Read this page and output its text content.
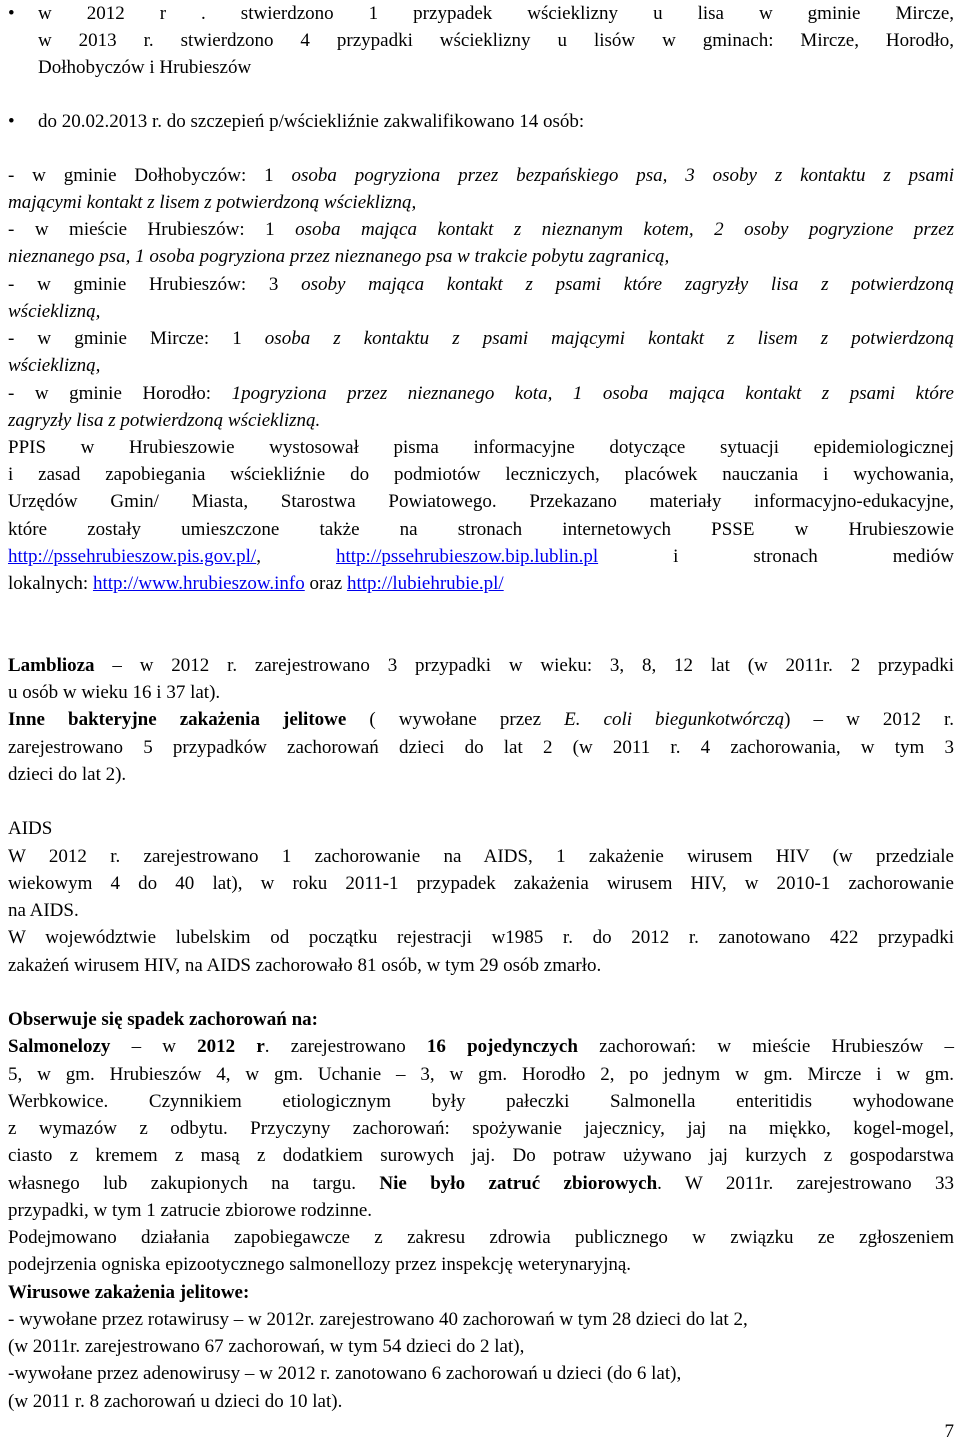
• w 2012 r . stwierdzono 1 przypadek wścieklizny u lisa w gminie Mircze,
w 2013 r. stwierdzono 4 przypadki wścieklizny u lisów w gminach: Mircze, Horodło,
Dołhobyczów i Hrubieszów
• do 20.02.2013 r. do szczepień p/wściekliźnie zakwalifikowano 14 osób:
- w gminie Dołhobyczów: 1 osoba pogryziona przez bezpańskiego psa, 3 osoby z kontaktu z psami
mającymi kontakt z lisem z potwierdzoną wścieklizną,
- w mieście Hrubieszów: 1 osoba mająca kontakt z nieznanym kotem, 2 osoby pogryzione przez
nieznanego psa, 1 osoba pogryziona przez nieznanego psa w trakcie pobytu zagranicą,
- w gminie Hrubieszów: 3 osoby mająca kontakt z psami które zagryzły lisa z potwierdzoną
wścieklizną,
- w gminie Mircze: 1 osoba z kontaktu z psami mającymi kontakt z lisem z potwierdzoną
wścieklizną,
- w gminie Horodło: 1pogryziona przez nieznanego kota, 1 osoba mająca kontakt z psami które
zagryzły lisa z potwierdzoną wścieklizną.
PPIS w Hrubieszowie wystosował pisma informacyjne dotyczące sytuacji epidemiologicznej
i zasad zapobiegania wściekliźnie do podmiotów leczniczych, placówek nauczania i wychowania,
Urzędów Gmin/ Miasta, Starostwa Powiatowego. Przekazano materiały informacyjno-edukacyjne,
które zostały umieszczone także na stronach internetowych PSSE w Hrubieszowie
http://pssehrubieszow.pis.gov.pl/,	http://pssehrubieszow.bip.lublin.pl	i stronach mediów
lokalnych: http://www.hrubieszow.info oraz http://lubiehrubie.pl/
Lamblioza – w 2012 r. zarejestrowano 3 przypadki w wieku: 3, 8, 12 lat (w 2011r. 2 przypadki
u osób w wieku 16 i 37 lat).
Inne bakteryjne zakażenia jelitowe ( wywołane przez E. coli biegunkotwórczą) – w 2012 r.
zarejestrowano 5 przypadków zachorowań dzieci do lat 2 (w 2011 r. 4 zachorowania, w tym 3
dzieci do lat 2).
AIDS
W 2012 r. zarejestrowano 1 zachorowanie na AIDS, 1 zakażenie wirusem HIV (w przedziale
wiekowym 4 do 40 lat), w roku 2011-1 przypadek zakażenia wirusem HIV, w 2010-1 zachorowanie
na AIDS.
W województwie lubelskim od początku rejestracji w1985 r. do 2012 r. zanotowano 422 przypadki
zakażeń wirusem HIV, na AIDS zachorowało 81 osób, w tym 29 osób zmarło.
Obserwuje się spadek zachorowań na:
Salmonelozy – w 2012 r. zarejestrowano 16 pojedynczych zachorowań: w mieście Hrubieszów –
5, w gm. Hrubieszów 4, w gm. Uchanie – 3, w gm. Horodło 2, po jednym w gm. Mircze i w gm.
Werbkowice. Czynnikiem etiologicznym były pałeczki Salmonella enteritidis wyhodowane
z wymazów z odbytu. Przyczyny zachorowań: spożywanie jajecznicy, jaj na miękko, kogel-mogel,
ciasto z kremem z masą z dodatkiem surowych jaj. Do potraw używano jaj kurzych z gospodarstwa
własnego lub zakupionych na targu. Nie było zatruć zbiorowych. W 2011r. zarejestrowano 33
przypadki, w tym 1 zatrucie zbiorowe rodzinne.
Podejmowano działania zapobiegawcze z zakresu zdrowia publicznego w związku ze zgłoszeniem
podejrzenia ogniska epizootycznego salmonellozy przez inspekcję weterynaryjną.
Wirusowe zakażenia jelitowe:
- wywołane przez rotawirusy – w 2012r. zarejestrowano 40 zachorowań w tym 28 dzieci do lat 2,
(w 2011r. zarejestrowano 67 zachorowań, w tym 54 dzieci do 2 lat),
-wywołane przez adenowirusy – w 2012 r. zanotowano 6 zachorowań u dzieci (do 6 lat),
(w 2011 r. 8 zachorowań u dzieci do 10 lat).
7
